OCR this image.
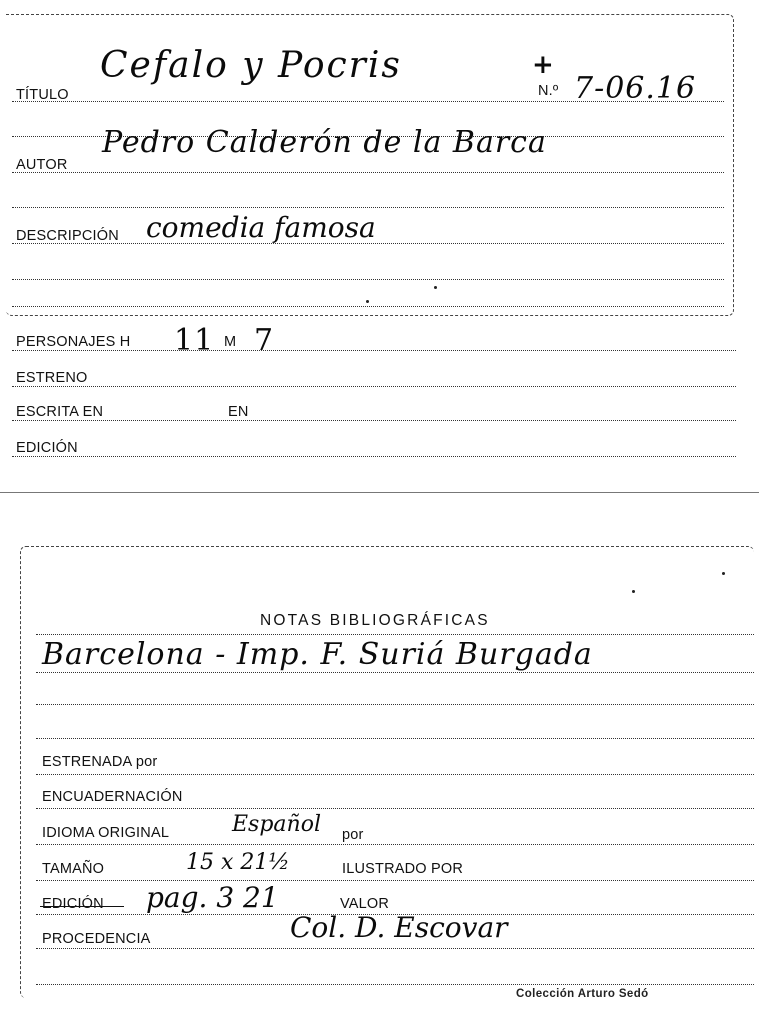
TÍTULO
Cefalo y Pocris	+
N.º 7-06.16
AUTOR
Pedro Calderón de la Barca
DESCRIPCIÓN comedia famosa
PERSONAJES H 11 M 7
ESTRENO
ESCRITA EN	EN
EDICIÓN
NOTAS BIBLIOGRÁFICAS
Barcelona - Imp. F. Suriá Burgada
ESTRENADA por
ENCUADERNACIÓN
IDIOMA ORIGINAL	Español por
TAMAÑO	15 x 21½	ILUSTRADO POR
EDICIÓN pag. 3 21	VALOR
PROCEDENCIA	Col. D. Escovar
Colección Arturo Sedó
